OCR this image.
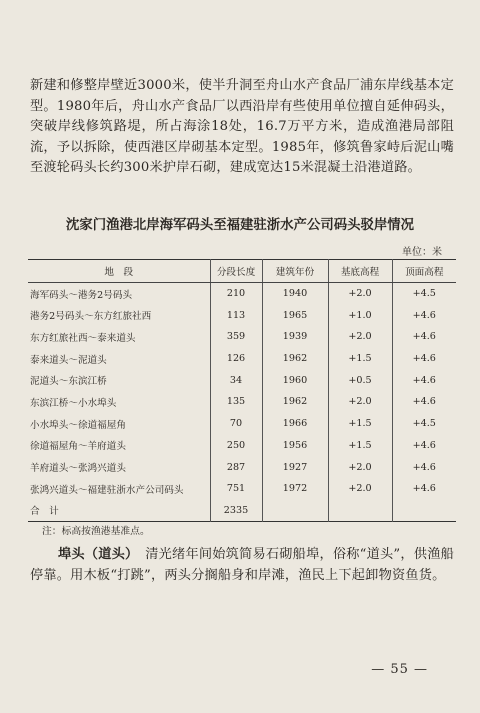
新建和修整岸壁近3000米，使半升洞至舟山水产食品厂浦东岸线基本定型。1980年后，舟山水产食品厂以西沿岸有些使用单位擅自延伸码头，突破岸线修筑路堤，所占海涂18处，16.7万平方米，造成渔港局部阻流，予以拆除，使西港区岸砌基本定型。1985年，修筑鲁家峙后泥山嘴至渡轮码头长约300米护岸石砌，建成宽达15米混凝土沿港道路。

沈家门渔港北岸海军码头至福建驻浙水产公司码头驳岸情况

单位：米

地　段	分段长度	建筑年份	基底高程	顶面高程
海军码头～港务2号码头	210	1940	+2.0	+4.5
港务2号码头～东方红旅社西	113	1965	+1.0	+4.6
东方红旅社西～泰来道头	359	1939	+2.0	+4.6
泰来道头～泥道头	126	1962	+1.5	+4.6
泥道头～东滨江桥	34	1960	+0.5	+4.6
东滨江桥～小水埠头	135	1962	+2.0	+4.6
小水埠头～徐道福屋角	70	1966	+1.5	+4.5
徐道福屋角～羊府道头	250	1956	+1.5	+4.6
羊府道头～张鸿兴道头	287	1927	+2.0	+4.6
张鸿兴道头～福建驻浙水产公司码头	751	1972	+2.0	+4.6
合　计	2335			

注：标高按渔港基准点。

埠头（道头）　 清光绪年间始筑简易石砌船埠，俗称“道头”，供渔船停靠。用木板“打跳”，两头分搁船身和岸滩，渔民上下起卸物资鱼货。

— 55 —
